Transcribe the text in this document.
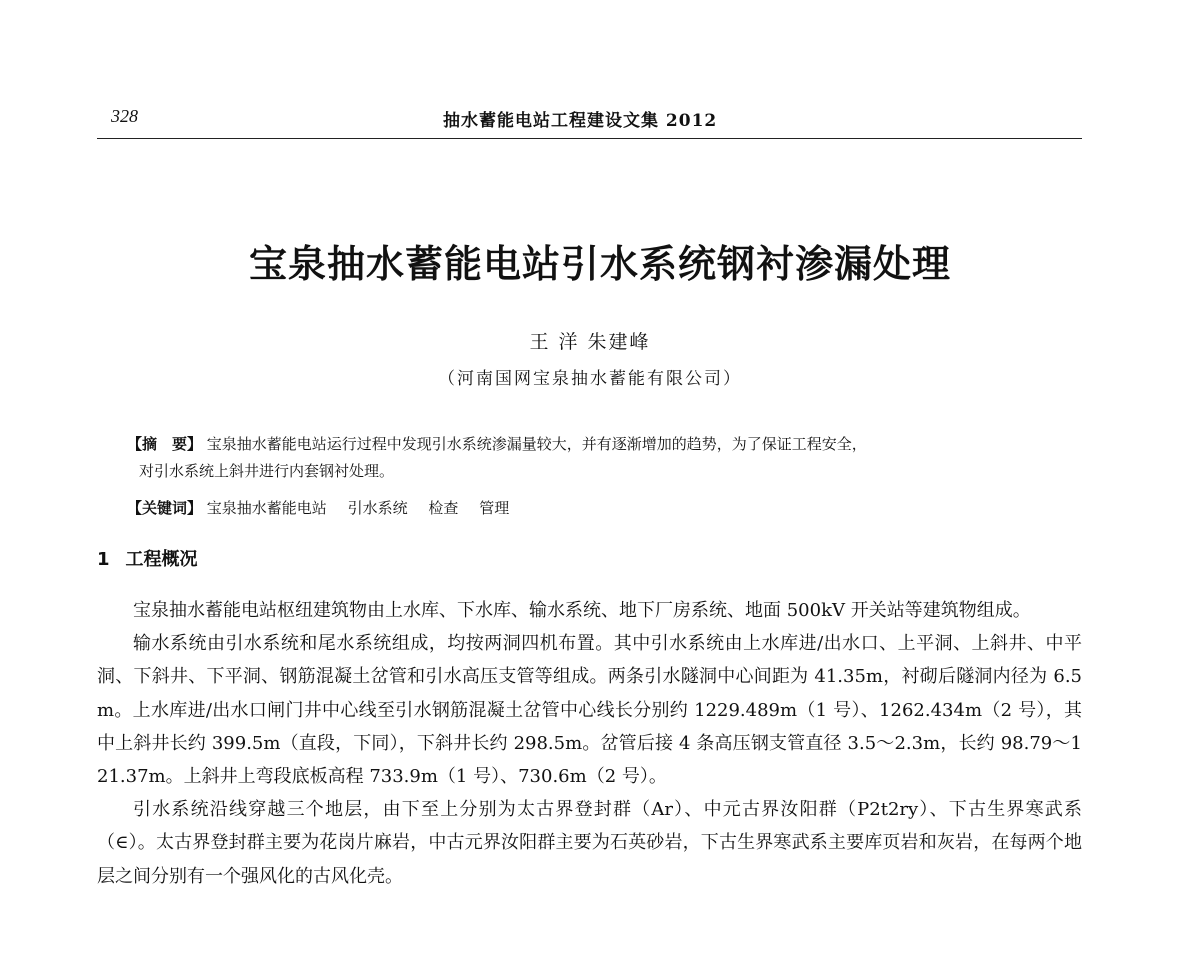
328	抽水蓄能电站工程建设文集 2012
宝泉抽水蓄能电站引水系统钢衬渗漏处理
王 洋 朱建峰
（河南国网宝泉抽水蓄能有限公司）
【摘　要】 宝泉抽水蓄能电站运行过程中发现引水系统渗漏量较大，并有逐渐增加的趋势，为了保证工程安全，
对引水系统上斜井进行内套钢衬处理。
【关键词】 宝泉抽水蓄能电站 引水系统 检查 管理
1 工程概况

宝泉抽水蓄能电站枢纽建筑物由上水库、下水库、输水系统、地下厂房系统、地面 500kV 开关站等建筑物组成。

输水系统由引水系统和尾水系统组成，均按两洞四机布置。其中引水系统由上水库进/出水口、上平洞、上斜井、中平洞、下斜井、下平洞、钢筋混凝土岔管和引水高压支管等组成。两条引水隧洞中心间距为 41.35m，衬砌后隧洞内径为 6.5m。上水库进/出水口闸门井中心线至引水钢筋混凝土岔管中心线长分别约 1229.489m（1 号）、1262.434m（2 号），其中上斜井长约 399.5m（直段，下同），下斜井长约 298.5m。岔管后接 4 条高压钢支管直径 3.5～2.3m，长约 98.79～121.37m。上斜井上弯段底板高程 733.9m（1 号）、730.6m（2 号）。

引水系统沿线穿越三个地层，由下至上分别为太古界登封群（Ar）、中元古界汝阳群（P2t2ry）、下古生界寒武系（∈）。太古界登封群主要为花岗片麻岩，中古元界汝阳群主要为石英砂岩，下古生界寒武系主要库页岩和灰岩，在每两个地层之间分别有一个强风化的古风化壳。
